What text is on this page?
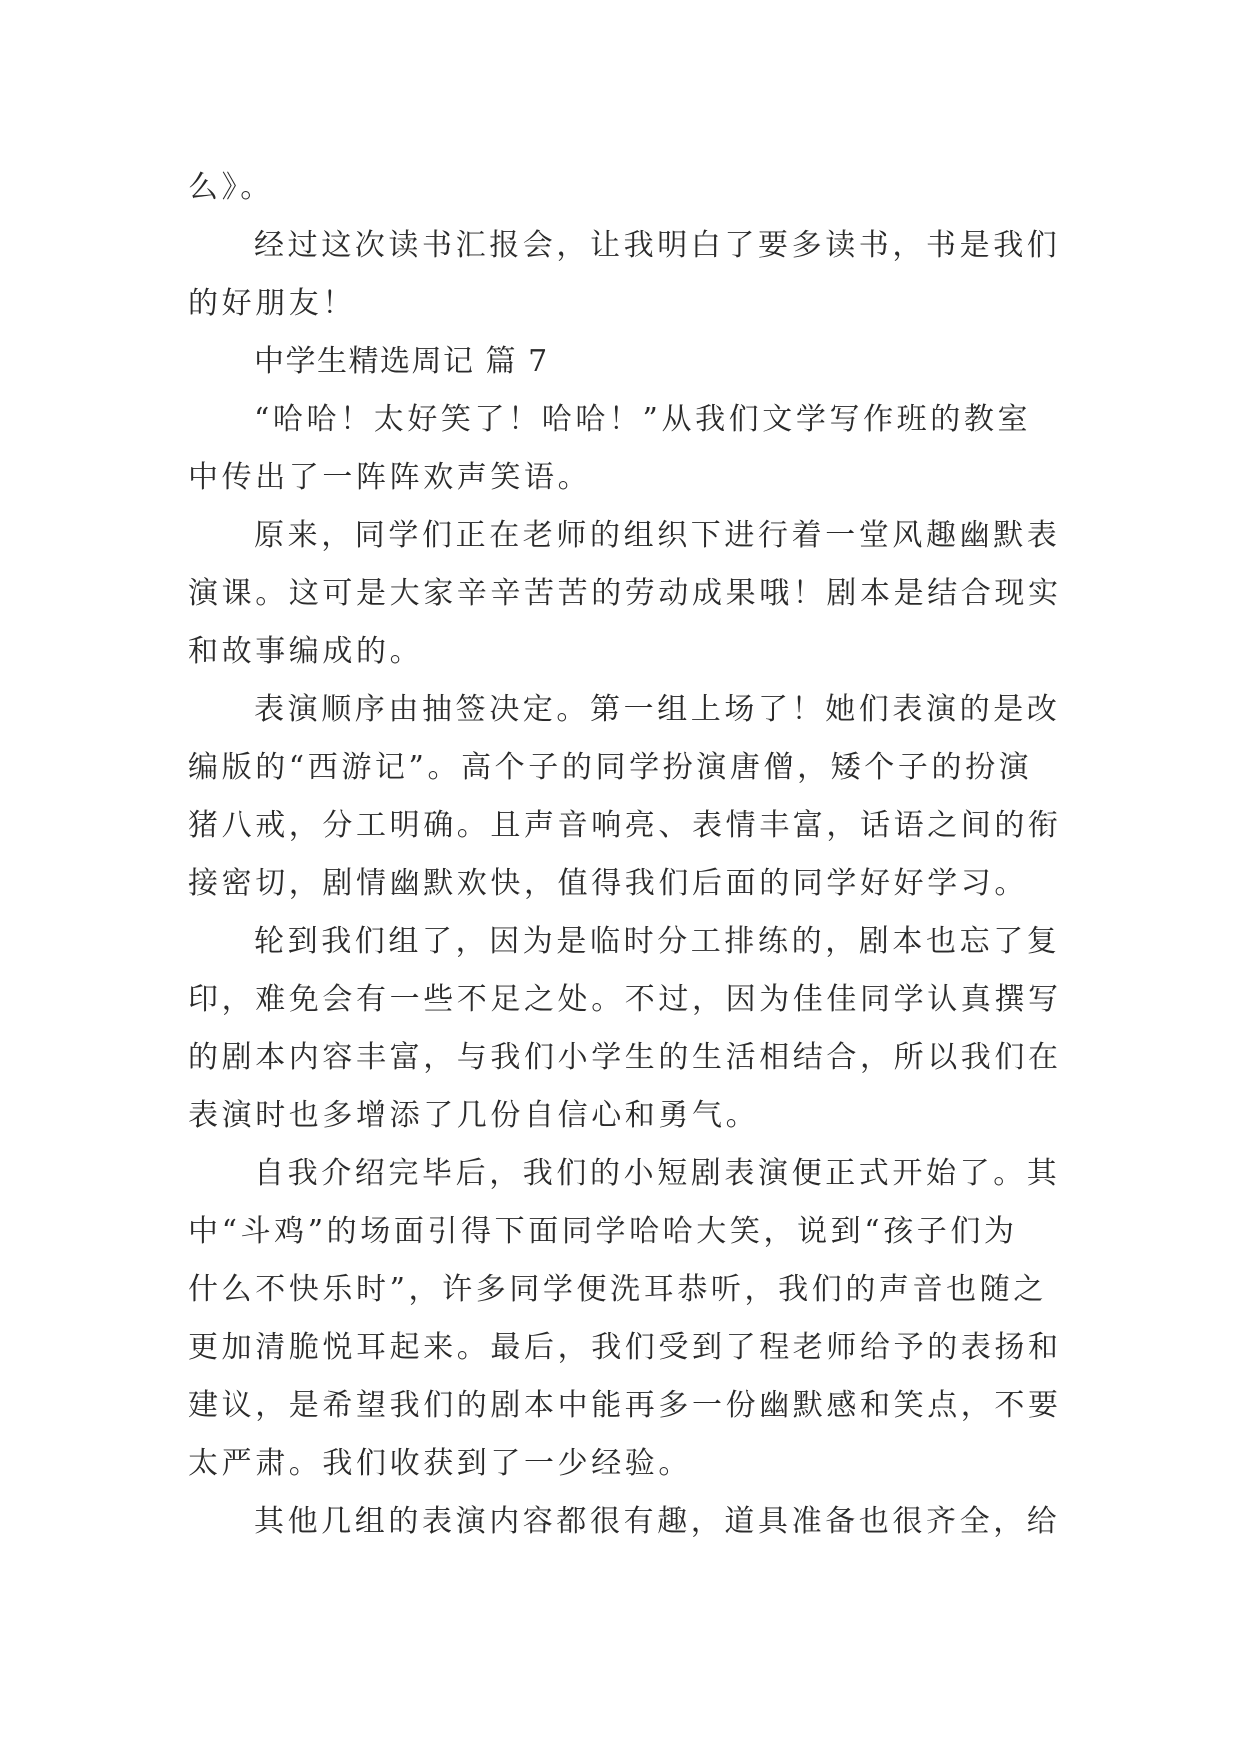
么》。
经过这次读书汇报会，让我明白了要多读书，书是我们
的好朋友！
中学生精选周记 篇 7
“哈哈！太好笑了！哈哈！”从我们文学写作班的教室
中传出了一阵阵欢声笑语。
原来，同学们正在老师的组织下进行着一堂风趣幽默表
演课。这可是大家辛辛苦苦的劳动成果哦！剧本是结合现实
和故事编成的。
表演顺序由抽签决定。第一组上场了！她们表演的是改
编版的“西游记”。高个子的同学扮演唐僧，矮个子的扮演
猪八戒，分工明确。且声音响亮、表情丰富，话语之间的衔
接密切，剧情幽默欢快，值得我们后面的同学好好学习。
轮到我们组了，因为是临时分工排练的，剧本也忘了复
印，难免会有一些不足之处。不过，因为佳佳同学认真撰写
的剧本内容丰富，与我们小学生的生活相结合，所以我们在
表演时也多增添了几份自信心和勇气。
自我介绍完毕后，我们的小短剧表演便正式开始了。其
中“斗鸡”的场面引得下面同学哈哈大笑，说到“孩子们为
什么不快乐时”，许多同学便洗耳恭听，我们的声音也随之
更加清脆悦耳起来。最后，我们受到了程老师给予的表扬和
建议，是希望我们的剧本中能再多一份幽默感和笑点，不要
太严肃。我们收获到了一少经验。
其他几组的表演内容都很有趣，道具准备也很齐全，给
